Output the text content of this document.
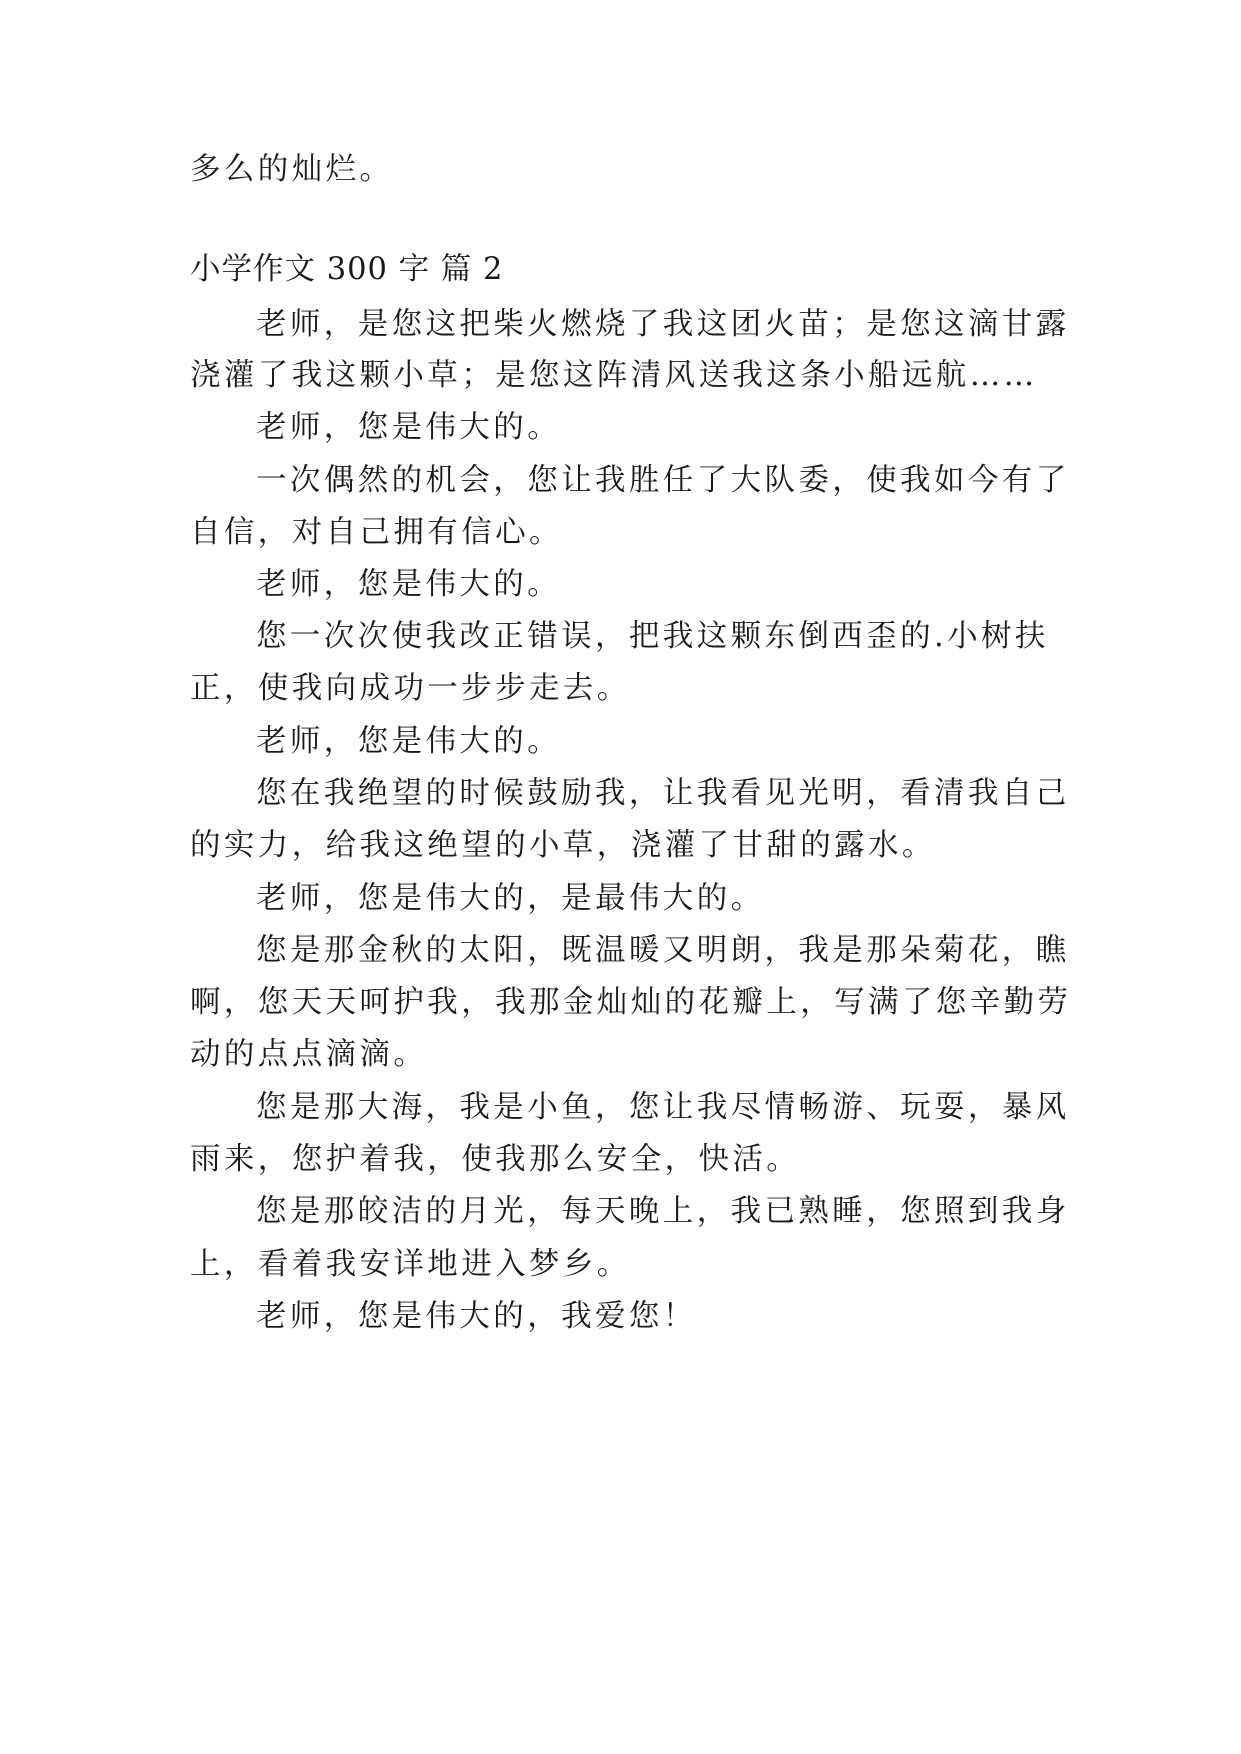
多么的灿烂。
小学作文 300 字 篇 2
老师，是您这把柴火燃烧了我这团火苗；是您这滴甘露
浇灌了我这颗小草；是您这阵清风送我这条小船远航……
老师，您是伟大的。
一次偶然的机会，您让我胜任了大队委，使我如今有了
自信，对自己拥有信心。
老师，您是伟大的。
您一次次使我改正错误，把我这颗东倒西歪的.小树扶
正，使我向成功一步步走去。
老师，您是伟大的。
您在我绝望的时候鼓励我，让我看见光明，看清我自己
的实力，给我这绝望的小草，浇灌了甘甜的露水。
老师，您是伟大的，是最伟大的。
您是那金秋的太阳，既温暖又明朗，我是那朵菊花，瞧
啊，您天天呵护我，我那金灿灿的花瓣上，写满了您辛勤劳
动的点点滴滴。
您是那大海，我是小鱼，您让我尽情畅游、玩耍，暴风
雨来，您护着我，使我那么安全，快活。
您是那皎洁的月光，每天晚上，我已熟睡，您照到我身
上，看着我安详地进入梦乡。
老师，您是伟大的，我爱您！
